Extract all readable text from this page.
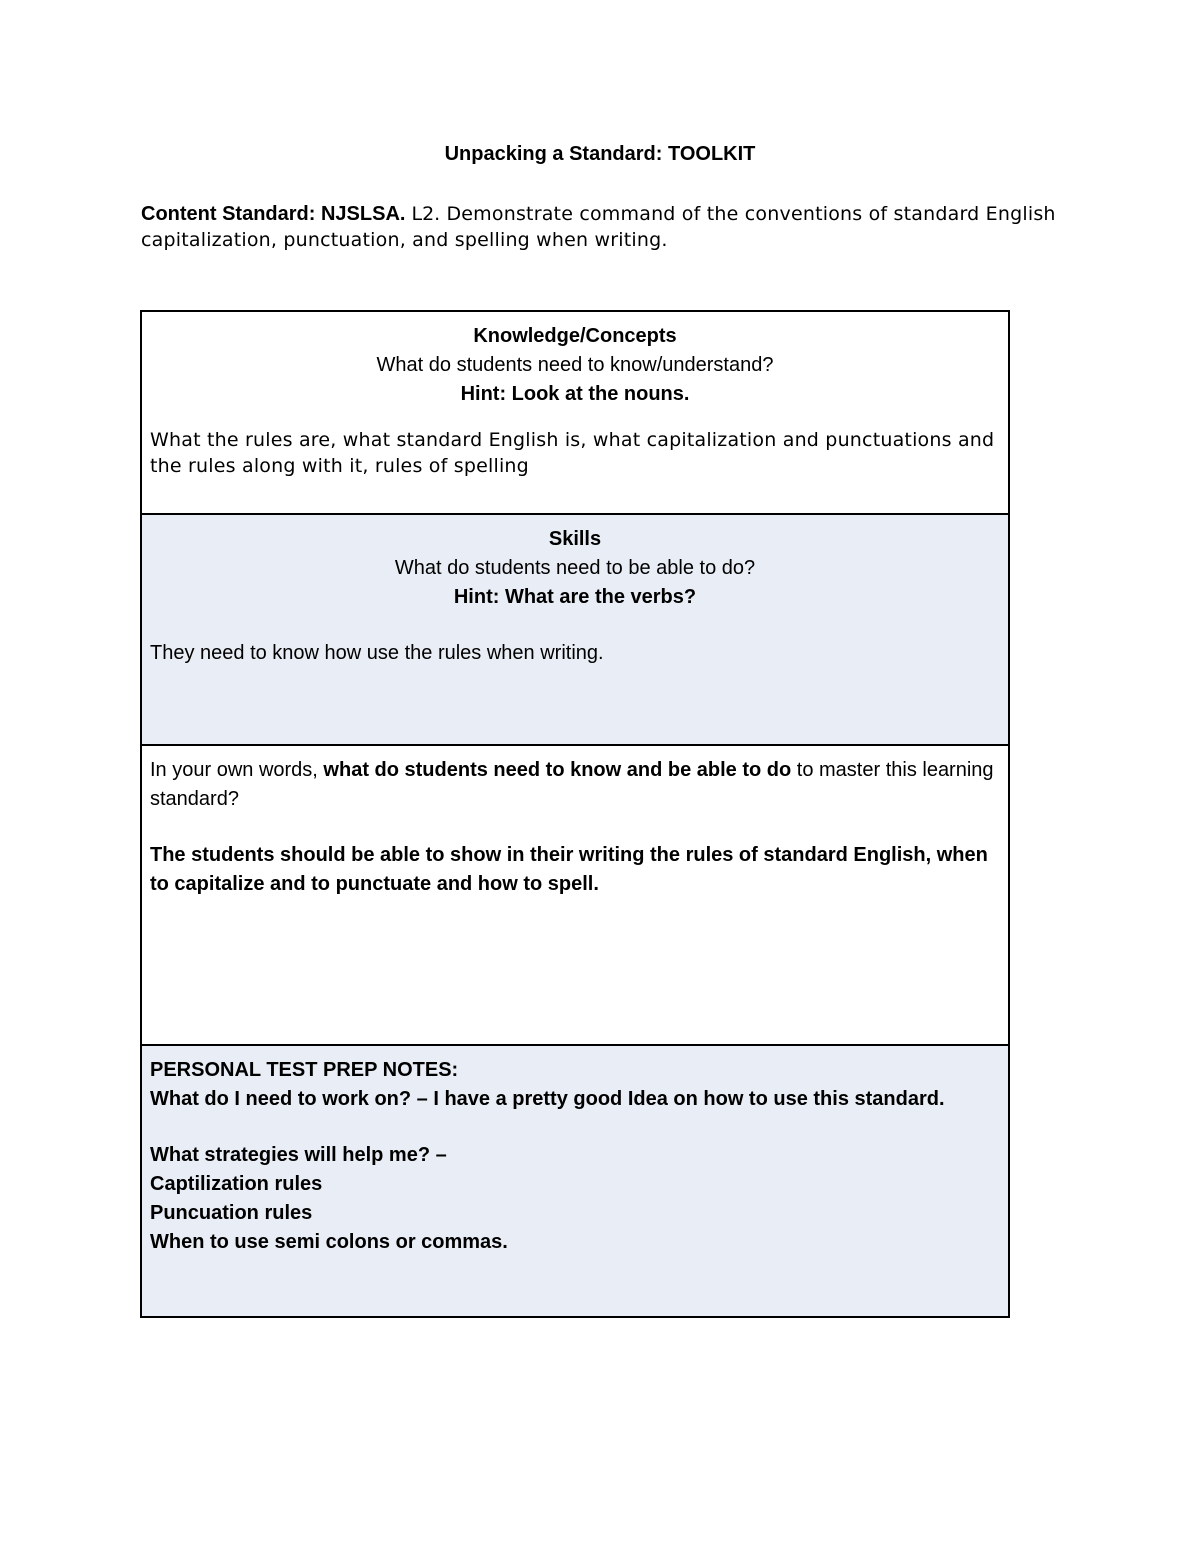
Unpacking a Standard: TOOLKIT
Content Standard: NJSLSA. L2. Demonstrate command of the conventions of standard English capitalization, punctuation, and spelling when writing.

Knowledge/Concepts

What do students need to know/understand?

Hint: Look at the nouns.

What the rules are, what standard English is, what capitalization and punctuations and the rules along with it, rules of spelling

Skills

What do students need to be able to do?

Hint: What are the verbs?

They need to know how use the rules when writing.

In your own words, what do students need to know and be able to do to master this learning standard?

The students should be able to show in their writing the rules of standard English, when to capitalize and to punctuate and how to spell.

PERSONAL TEST PREP NOTES:

What do I need to work on? – I have a pretty good Idea on how to use this standard.

What strategies will help me? –

Captilization rules

Puncuation rules

When to use semi colons or commas.
